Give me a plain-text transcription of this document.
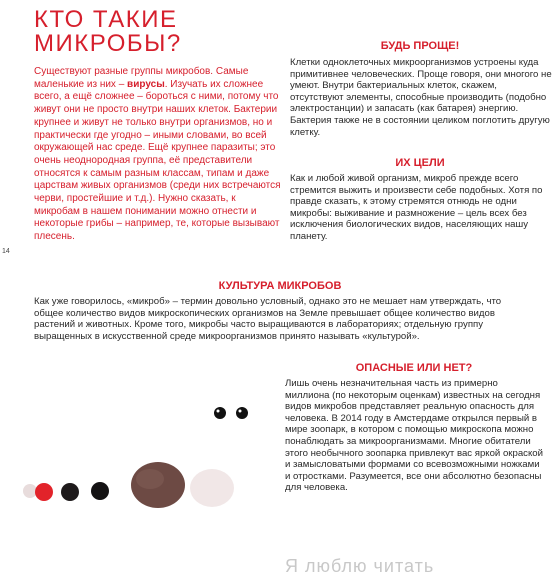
КТО ТАКИЕ
МИКРОБЫ?
Существуют разные группы микробов. Самые маленькие из них – вирусы. Изучать их сложнее всего, а ещё сложнее – бороться с ними, потому что живут они не просто внутри наших клеток. Бактерии крупнее и живут не только внутри организмов, но и практически где угодно – иными словами, во всей окружающей нас среде. Ещё крупнее паразиты; это очень неоднородная группа, её представители относятся к самым разным классам, типам и даже царствам живых организмов (среди них встречаются черви, простейшие и т.д.). Нужно сказать, к микробам в нашем понимании можно отнести и некоторые грибы – например, те, которые вызывают плесень.
14
БУДЬ ПРОЩЕ!
Клетки одноклеточных микроорганизмов устроены куда примитивнее человеческих. Проще говоря, они многого не умеют. Внутри бактериальных клеток, скажем, отсутствуют элементы, способные производить (подобно электростанции) и запасать (как батарея) энергию. Бактерия также не в состоянии целиком поглотить другую клетку.
ИХ ЦЕЛИ
Как и любой живой организм, микроб прежде всего стремится выжить и произвести себе подобных. Хотя по правде сказать, к этому стремятся отнюдь не одни микробы: выживание и размножение – цель всех без исключения биологических видов, населяющих нашу планету.
КУЛЬТУРА МИКРОБОВ
Как уже говорилось, «микроб» – термин довольно условный, однако это не мешает нам утверждать, что общее количество видов микроскопических организмов на Земле превышает общее количество видов растений и животных. Кроме того, микробы часто выращиваются в лабораториях; отдельную группу выращенных в искусственной среде микроорганизмов принято называть «культурой».
ОПАСНЫЕ ИЛИ НЕТ?
Лишь очень незначительная часть из примерно миллиона (по некоторым оценкам) известных на сегодня видов микробов представляет реальную опасность для человека. В 2014 году в Амстердаме открылся первый в мире зоопарк, в котором с помощью микроскопа можно понаблюдать за микроорганизмами. Многие обитатели этого необычного зоопарка привлекут вас яркой окраской и замысловатыми формами со всевозможными ножками и отростками. Разумеется, все они абсолютно безопасны для человека.
Я люблю читать
